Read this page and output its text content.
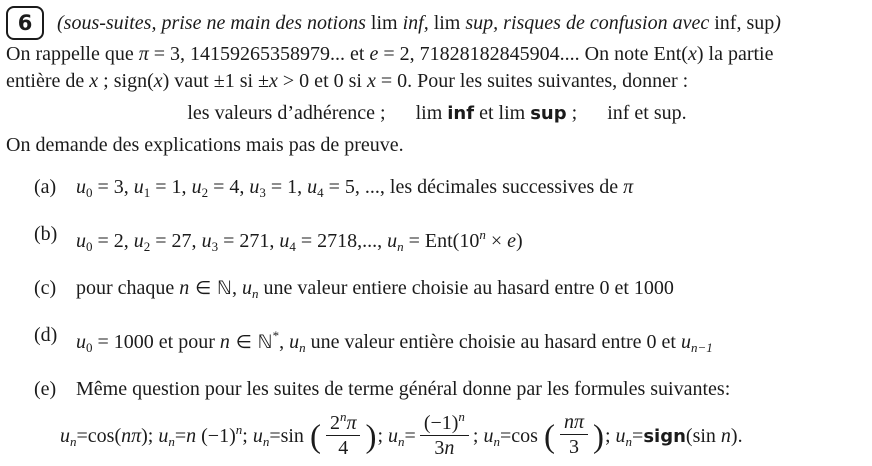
6 (sous-suites, prise ne main des notions lim inf, lim sup, risques de confusion avec inf, sup)
On rappelle que π = 3, 14159265358979... et e = 2, 71828182845904.... On note Ent(x) la partie
entière de x ; sign(x) vaut ±1 si ±x > 0 et 0 si x = 0. Pour les suites suivantes, donner :
les valeurs d’adhérence ; lim inf et lim sup ; inf et sup.
On demande des explications mais pas de preuve.
(a) $u_0 = 3$, $u_1 = 1$, $u_2 = 4$, $u_3 = 1$, $u_4 = 5$, ..., les décimales successives de π
(b) $u_0 = 2$, $u_2 = 27$, $u_3 = 271$, $u_4 = 2718$,..., $u_n = Ent(10^n \times e)$
(c) pour chaque n ∈ ℕ, $u_n$ une valeur entiere choisie au hasard entre 0 et 1000
(d) $u_0 = 1000$ et pour n ∈ ℕ*, $u_n$ une valeur entière choisie au hasard entre 0 et $u_{n-1}$
(e) Même question pour les suites de terme général donne par les formules suivantes:
$u_n=\cos(n\pi)$; $u_n=n$ $(-1)^n$; $u_n=\sin$ ( $\frac{2^n\pi}{4}$ ); $u_n= \frac{(-1)^n}{3n}$ ; $u_n=\cos$ ( $\frac{n\pi}{3}$ ); $u_n=sign(\sin$ n).
